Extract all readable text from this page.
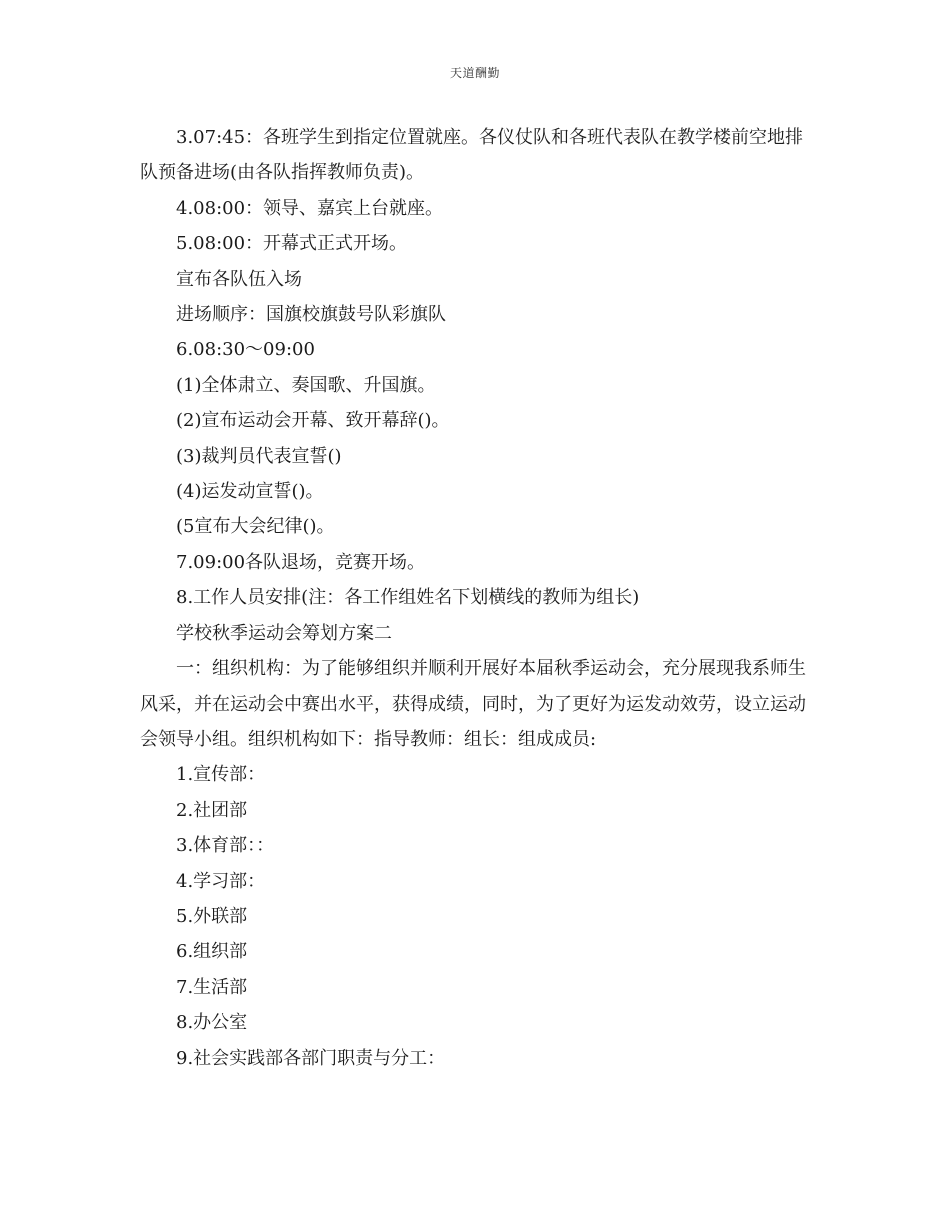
天道酬勤

3.07:45：各班学生到指定位置就座。各仪仗队和各班代表队在教学楼前空地排队预备进场(由各队指挥教师负责)。

4.08:00：领导、嘉宾上台就座。

5.08:00：开幕式正式开场。

宣布各队伍入场

进场顺序：国旗校旗鼓号队彩旗队

6.08:30～09:00

(1)全体肃立、奏国歌、升国旗。

(2)宣布运动会开幕、致开幕辞()。

(3)裁判员代表宣誓()

(4)运发动宣誓()。

(5宣布大会纪律()。

7.09:00各队退场，竞赛开场。

8.工作人员安排(注：各工作组姓名下划横线的教师为组长)

学校秋季运动会筹划方案二

一：组织机构：为了能够组织并顺利开展好本届秋季运动会，充分展现我系师生风采，并在运动会中赛出水平，获得成绩，同时，为了更好为运发动效劳，设立运动会领导小组。组织机构如下：指导教师：组长：组成成员:

1.宣传部：

2.社团部

3.体育部：：

4.学习部：

5.外联部

6.组织部

7.生活部

8.办公室

9.社会实践部各部门职责与分工：
